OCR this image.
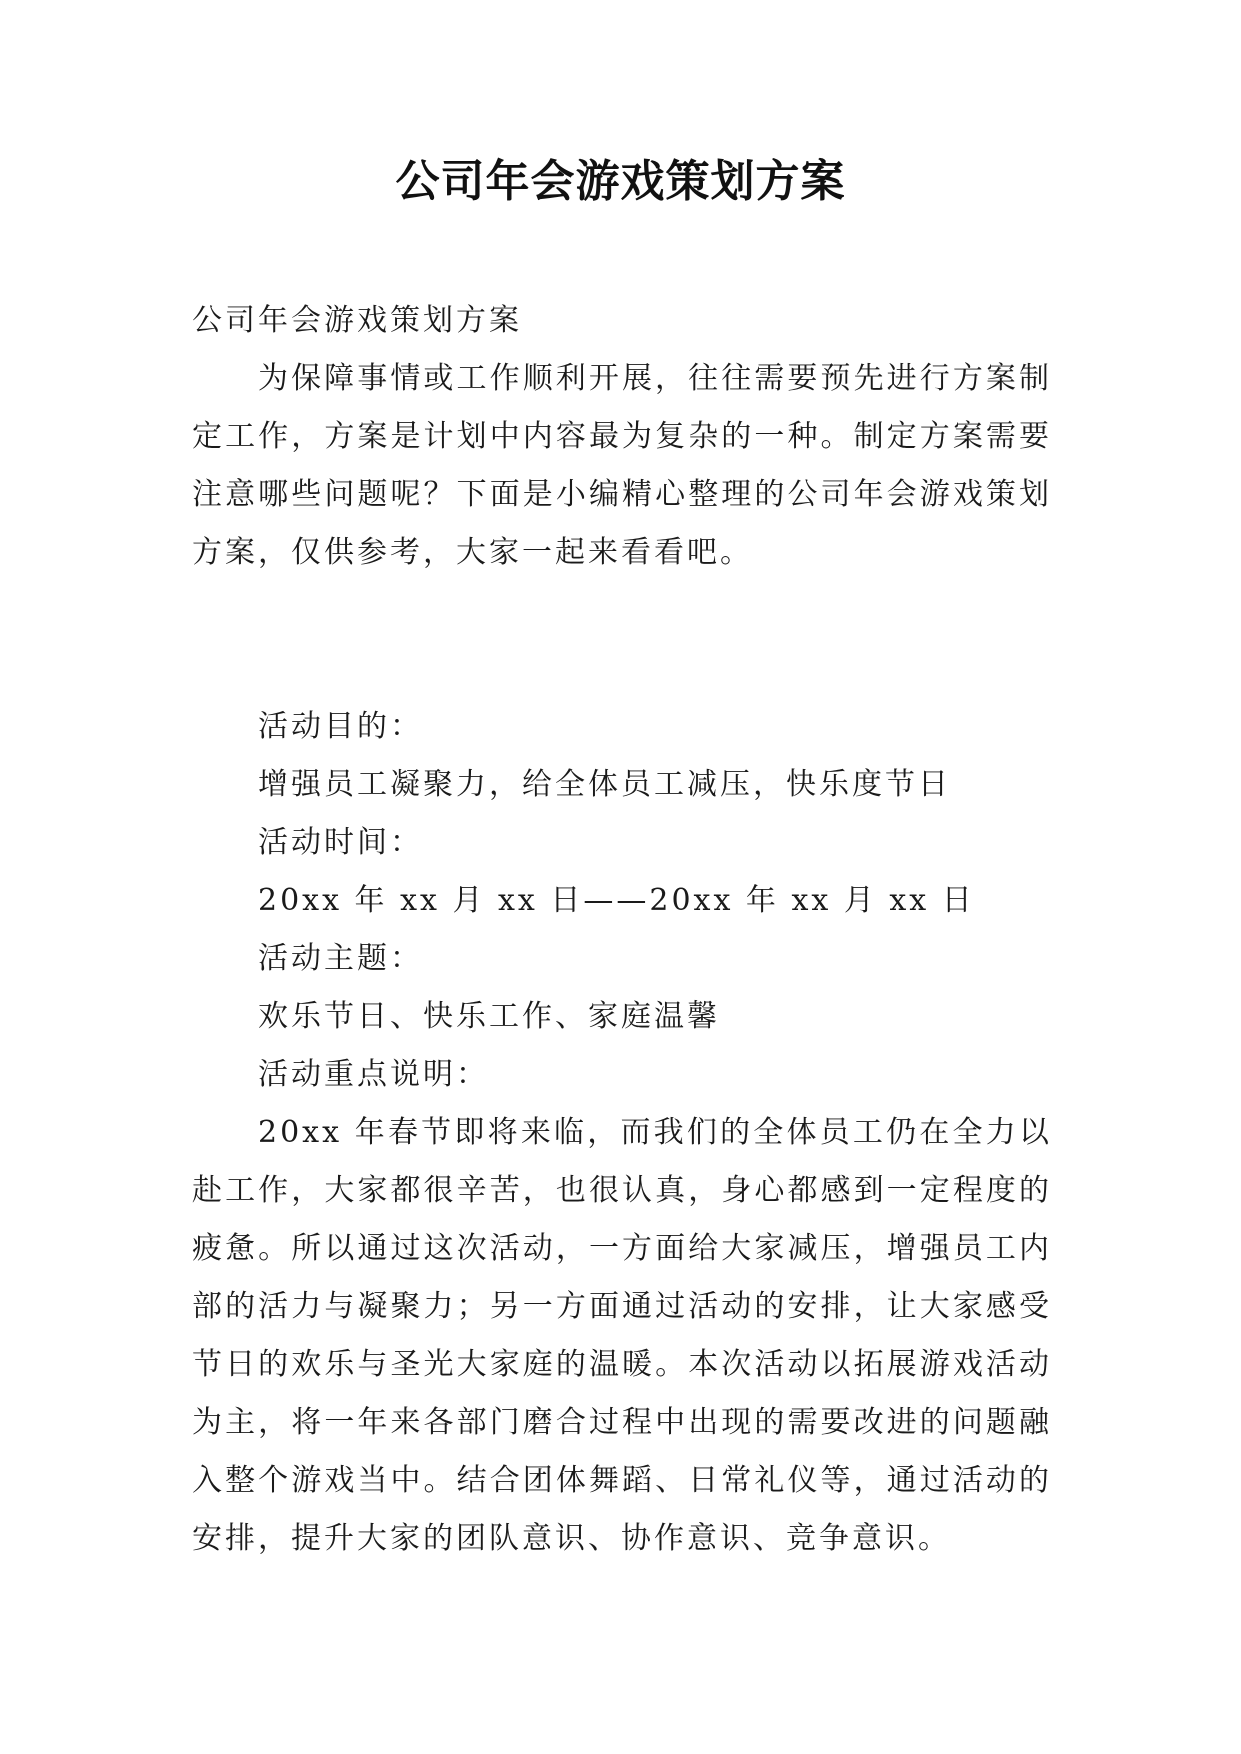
公司年会游戏策划方案

公司年会游戏策划方案

为保障事情或工作顺利开展，往往需要预先进行方案制定工作，方案是计划中内容最为复杂的一种。制定方案需要注意哪些问题呢？下面是小编精心整理的公司年会游戏策划方案，仅供参考，大家一起来看看吧。

活动目的：

增强员工凝聚力，给全体员工减压，快乐度节日

活动时间：

20xx 年 xx 月 xx 日——20xx 年 xx 月 xx 日

活动主题：

欢乐节日、快乐工作、家庭温馨

活动重点说明：

20xx 年春节即将来临，而我们的全体员工仍在全力以赴工作，大家都很辛苦，也很认真，身心都感到一定程度的疲惫。所以通过这次活动，一方面给大家减压，增强员工内部的活力与凝聚力；另一方面通过活动的安排，让大家感受节日的欢乐与圣光大家庭的温暖。本次活动以拓展游戏活动为主，将一年来各部门磨合过程中出现的需要改进的问题融入整个游戏当中。结合团体舞蹈、日常礼仪等，通过活动的安排，提升大家的团队意识、协作意识、竞争意识。
